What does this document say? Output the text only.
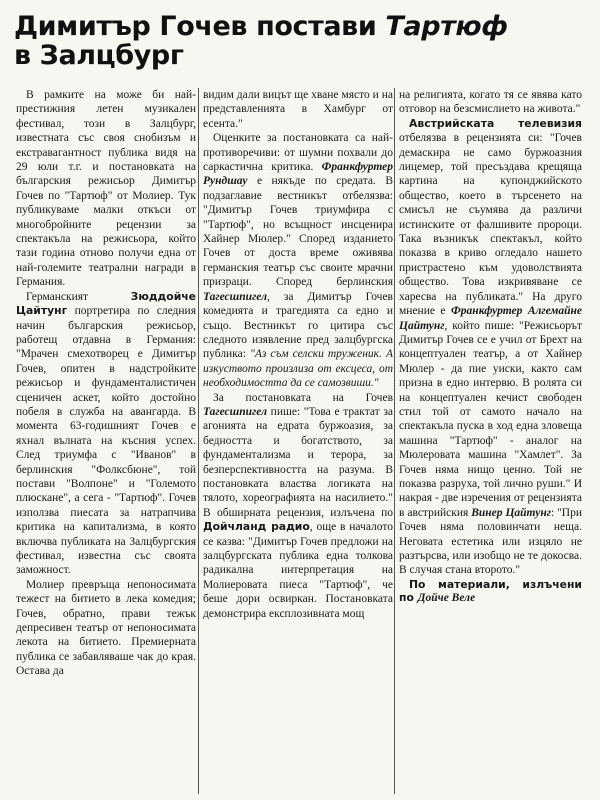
Димитър Гочев постави Тартюф
в Залцбург

В рамките на може би най-престижния летен музикален фестивал, този в Залцбург, известната със своя снобизъм и екстравагантност публика видя на 29 юли т.г. и постановката на българския режисьор Димитър Гочев по "Тартюф" от Молиер. Тук публикуваме малки откъси от многобройните рецензии за спектакъла на режисьора, който тази година отново получи една от най-големите театрални награди в Германия.

Германският	Зюддойче Цайтунг портретира по следния начин българския режисьор, работещ отдавна в Германия: "Мрачен смехотворец е Димитър Гочев, опитен в надстройките режисьор и фундаменталистичен сценичен аскет, който достойно побеля в служба на авангарда. В момента 63-годишният Гочев е яхнал вълната на късния успех. След триумфа с "Иванов" в берлинския "Фолксбюне", той постави "Волпоне" и "Големото плюскане", а сега - "Тартюф". Гочев използва пиесата за натрапчива критика на капитализма, в която включва публиката на Залцбургския фестивал, известна със своята заможност.

Молиер превръща непоносимата тежест на битието в лека комедия; Гочев, обратно, прави тежък депресивен театър от непоносимата лекота на битието. Премиерната публика се забавляваше чак до края. Остава да

видим дали вицът ще хване място и на представленията в Хамбург от есента."

Оценките за постановката са най-противоречиви: от шумни похвали до саркастична критика. Франкфуртер Рундшау е някъде по средата. В подзаглавие вестникът отбелязва: "Димитър Гочев триумфира с "Тартюф", но всъщност инсценира Хайнер Мюлер." Според изданието Гочев от доста време оживява германския театър със своите мрачни призраци. Според берлинския Тагесшпигел, за Димитър Гочев комедията и трагедията са едно и също. Вестникът го цитира със следното изявление пред залцбургска публика: "Аз съм селски труженик. А изкуството произлиза от ексцеса, от необходимостта да се самозвиши."

За постановката на Гочев Тагесшпигел пише: "Това е трактат за агонията на едрата буржоазия, за бедността и богатството, за фундаментализма и терора, за безперспективността на разума. В постановката властва логиката на тялото, хореографията на насилието." В обширната рецензия, излъчена по Дойчланд радио, още в началото се казва: "Димитър Гочев предложи на залцбургската публика една толкова радикална интерпретация на Молиеровата пиеса "Тартюф", че беше дори освиркан. Постановката демонстрира експлозивната мощ

на религията, когато тя се явява като отговор на безсмислието на живота."

Австрийската телевизия отбелязва в рецензията си: "Гочев демаскира не само буржоазния лицемер, той пресъздава крещяща картина на купонджийското общество, което в търсенето на смисъл не съумява да различи истинските от фалшивите пророци. Така възникък спектакъл, който показва в криво огледало нашето пристрастено към удоволствията общество. Това изкривяване се харесва на публиката." На друго мнение е Франкфуртер Алгемайне Цайтунг, който пише: "Режисьорът Димитър Гочев се е учил от Брехт на концептуален театър, а от Хайнер Мюлер - да пие уиски, както сам призна в едно интервю. В ролята си на концептуален кечист свободен стил той от самото начало на спектакъла пуска в ход една зловеща машина "Тартюф" - аналог на Мюлеровата машина "Хамлет". За Гочев няма нищо ценно. Той не показва разруха, той лично руши." И накрая - две изречения от рецензията в австрийския Винер Цайтунг: "При Гочев няма половинчати неща. Неговата естетика или изцяло не разтърсва, или изобщо не те докосва. В случая стана второто."

По материали, излъчени по Дойче Веле
